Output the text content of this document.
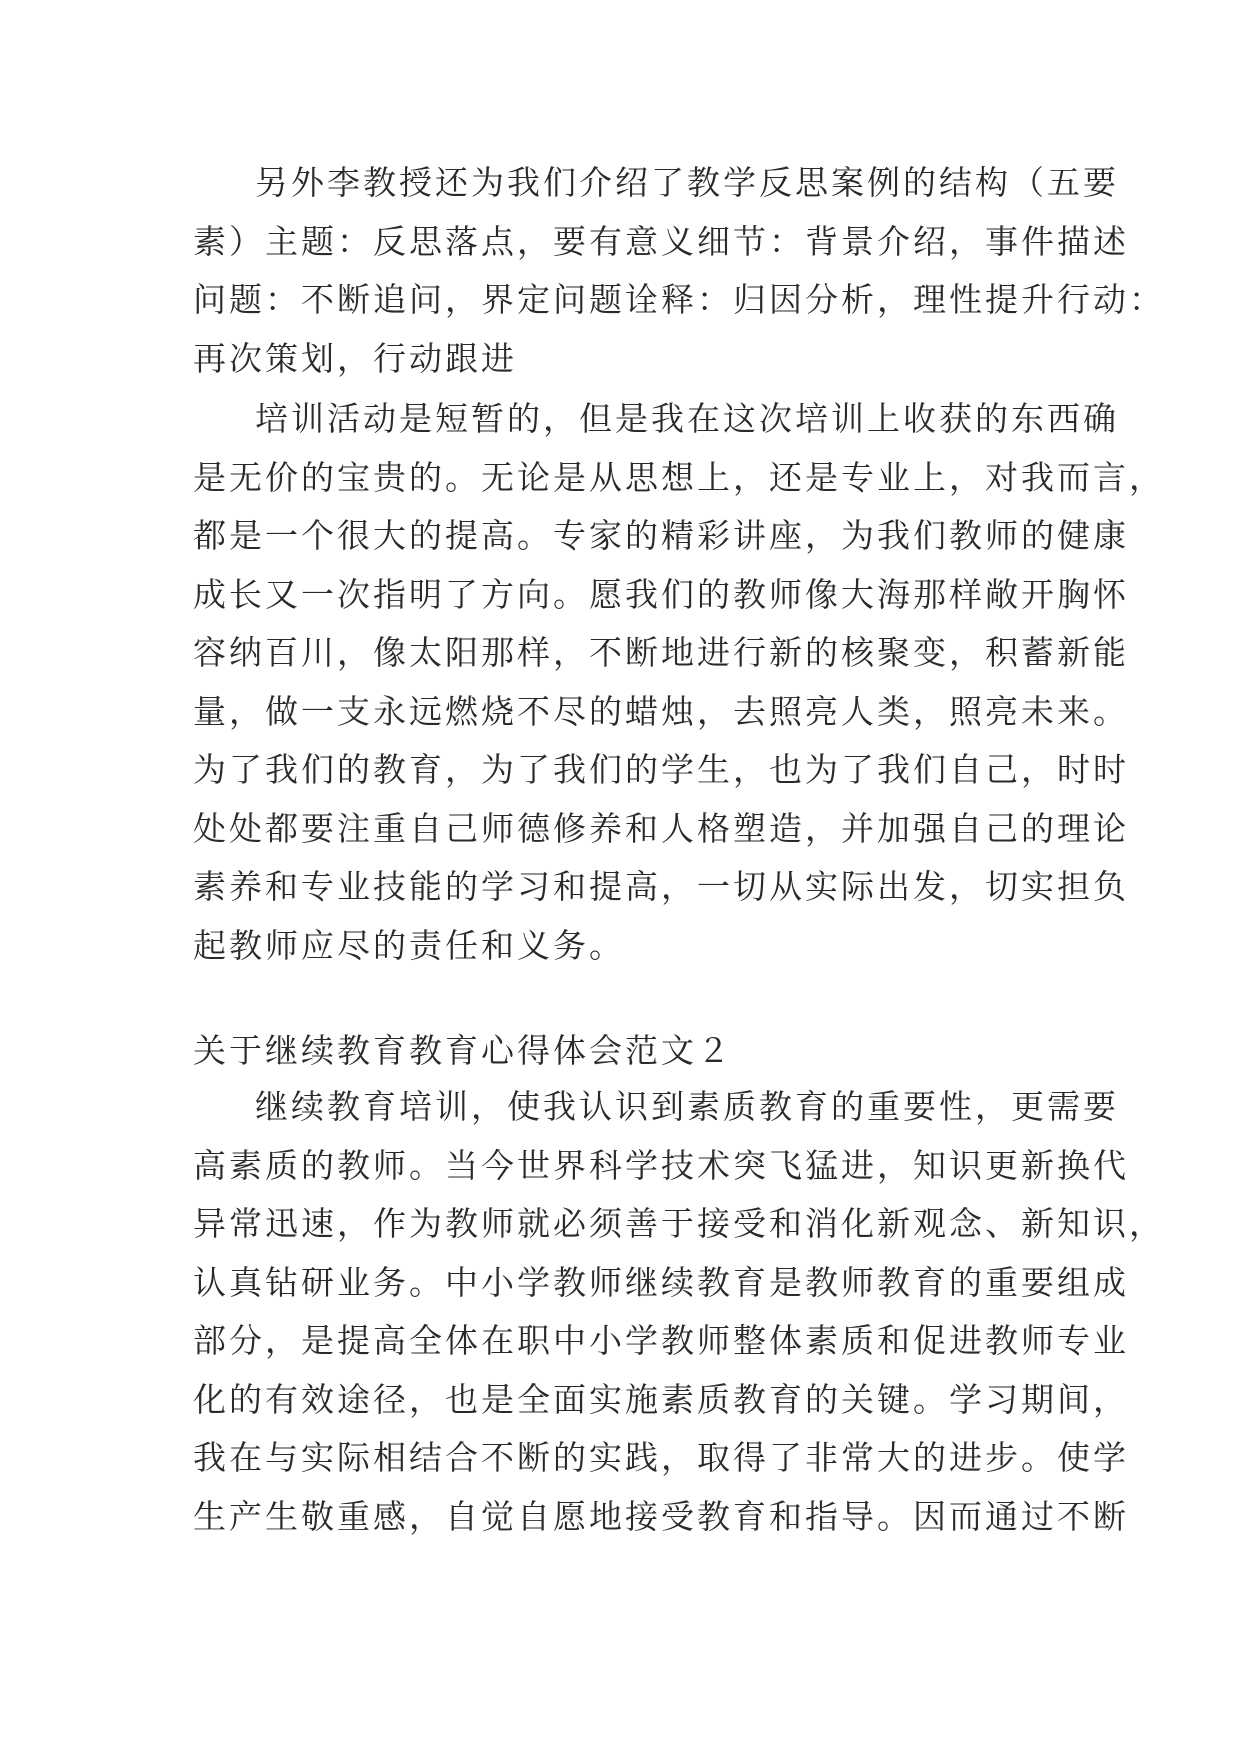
另外李教授还为我们介绍了教学反思案例的结构（五要
素）主题：反思落点，要有意义细节：背景介绍，事件描述
问题：不断追问，界定问题诠释：归因分析，理性提升行动：
再次策划，行动跟进
培训活动是短暂的，但是我在这次培训上收获的东西确
是无价的宝贵的。无论是从思想上，还是专业上，对我而言，
都是一个很大的提高。专家的精彩讲座，为我们教师的健康
成长又一次指明了方向。愿我们的教师像大海那样敞开胸怀
容纳百川，像太阳那样，不断地进行新的核聚变，积蓄新能
量，做一支永远燃烧不尽的蜡烛，去照亮人类，照亮未来。
为了我们的教育，为了我们的学生，也为了我们自己，时时
处处都要注重自己师德修养和人格塑造，并加强自己的理论
素养和专业技能的学习和提高，一切从实际出发，切实担负
起教师应尽的责任和义务。
关于继续教育教育心得体会范文２
继续教育培训，使我认识到素质教育的重要性，更需要
高素质的教师。当今世界科学技术突飞猛进，知识更新换代
异常迅速，作为教师就必须善于接受和消化新观念、新知识，
认真钻研业务。中小学教师继续教育是教师教育的重要组成
部分，是提高全体在职中小学教师整体素质和促进教师专业
化的有效途径，也是全面实施素质教育的关键。学习期间，
我在与实际相结合不断的实践，取得了非常大的进步。使学
生产生敬重感，自觉自愿地接受教育和指导。因而通过不断
